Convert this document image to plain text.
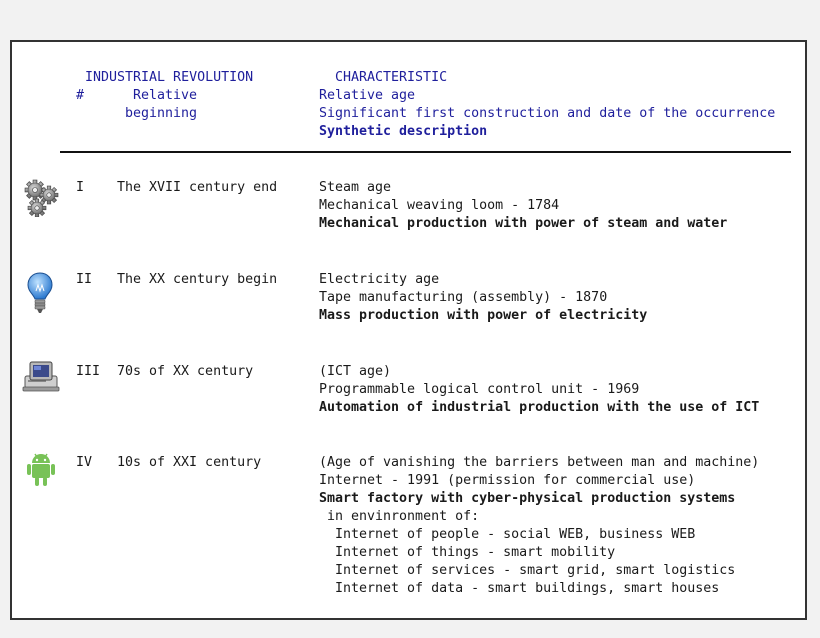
INDUSTRIAL REVOLUTION
#	Relative
beginning
CHARACTERISTIC
Relative age
Significant first construction and date of the occurrence
Synthetic description
I The XVII century end	Steam age
Mechanical weaving loom - 1784
Mechanical production with power of steam and water
II The XX century begin	Electricity age
Tape manufacturing (assembly) - 1870
Mass production with power of electricity
III 70s of XX century	(ICT age)
Programmable logical control unit - 1969
Automation of industrial production with the use of ICT
IV 10s of XXI century	(Age of vanishing the barriers between man and machine)
Internet - 1991 (permission for commercial use)
Smart factory with cyber-physical production systems
in envinronment of:
Internet of people - social WEB, business WEB
Internet of things - smart mobility
Internet of services - smart grid, smart logistics
Internet of data - smart buildings, smart houses
